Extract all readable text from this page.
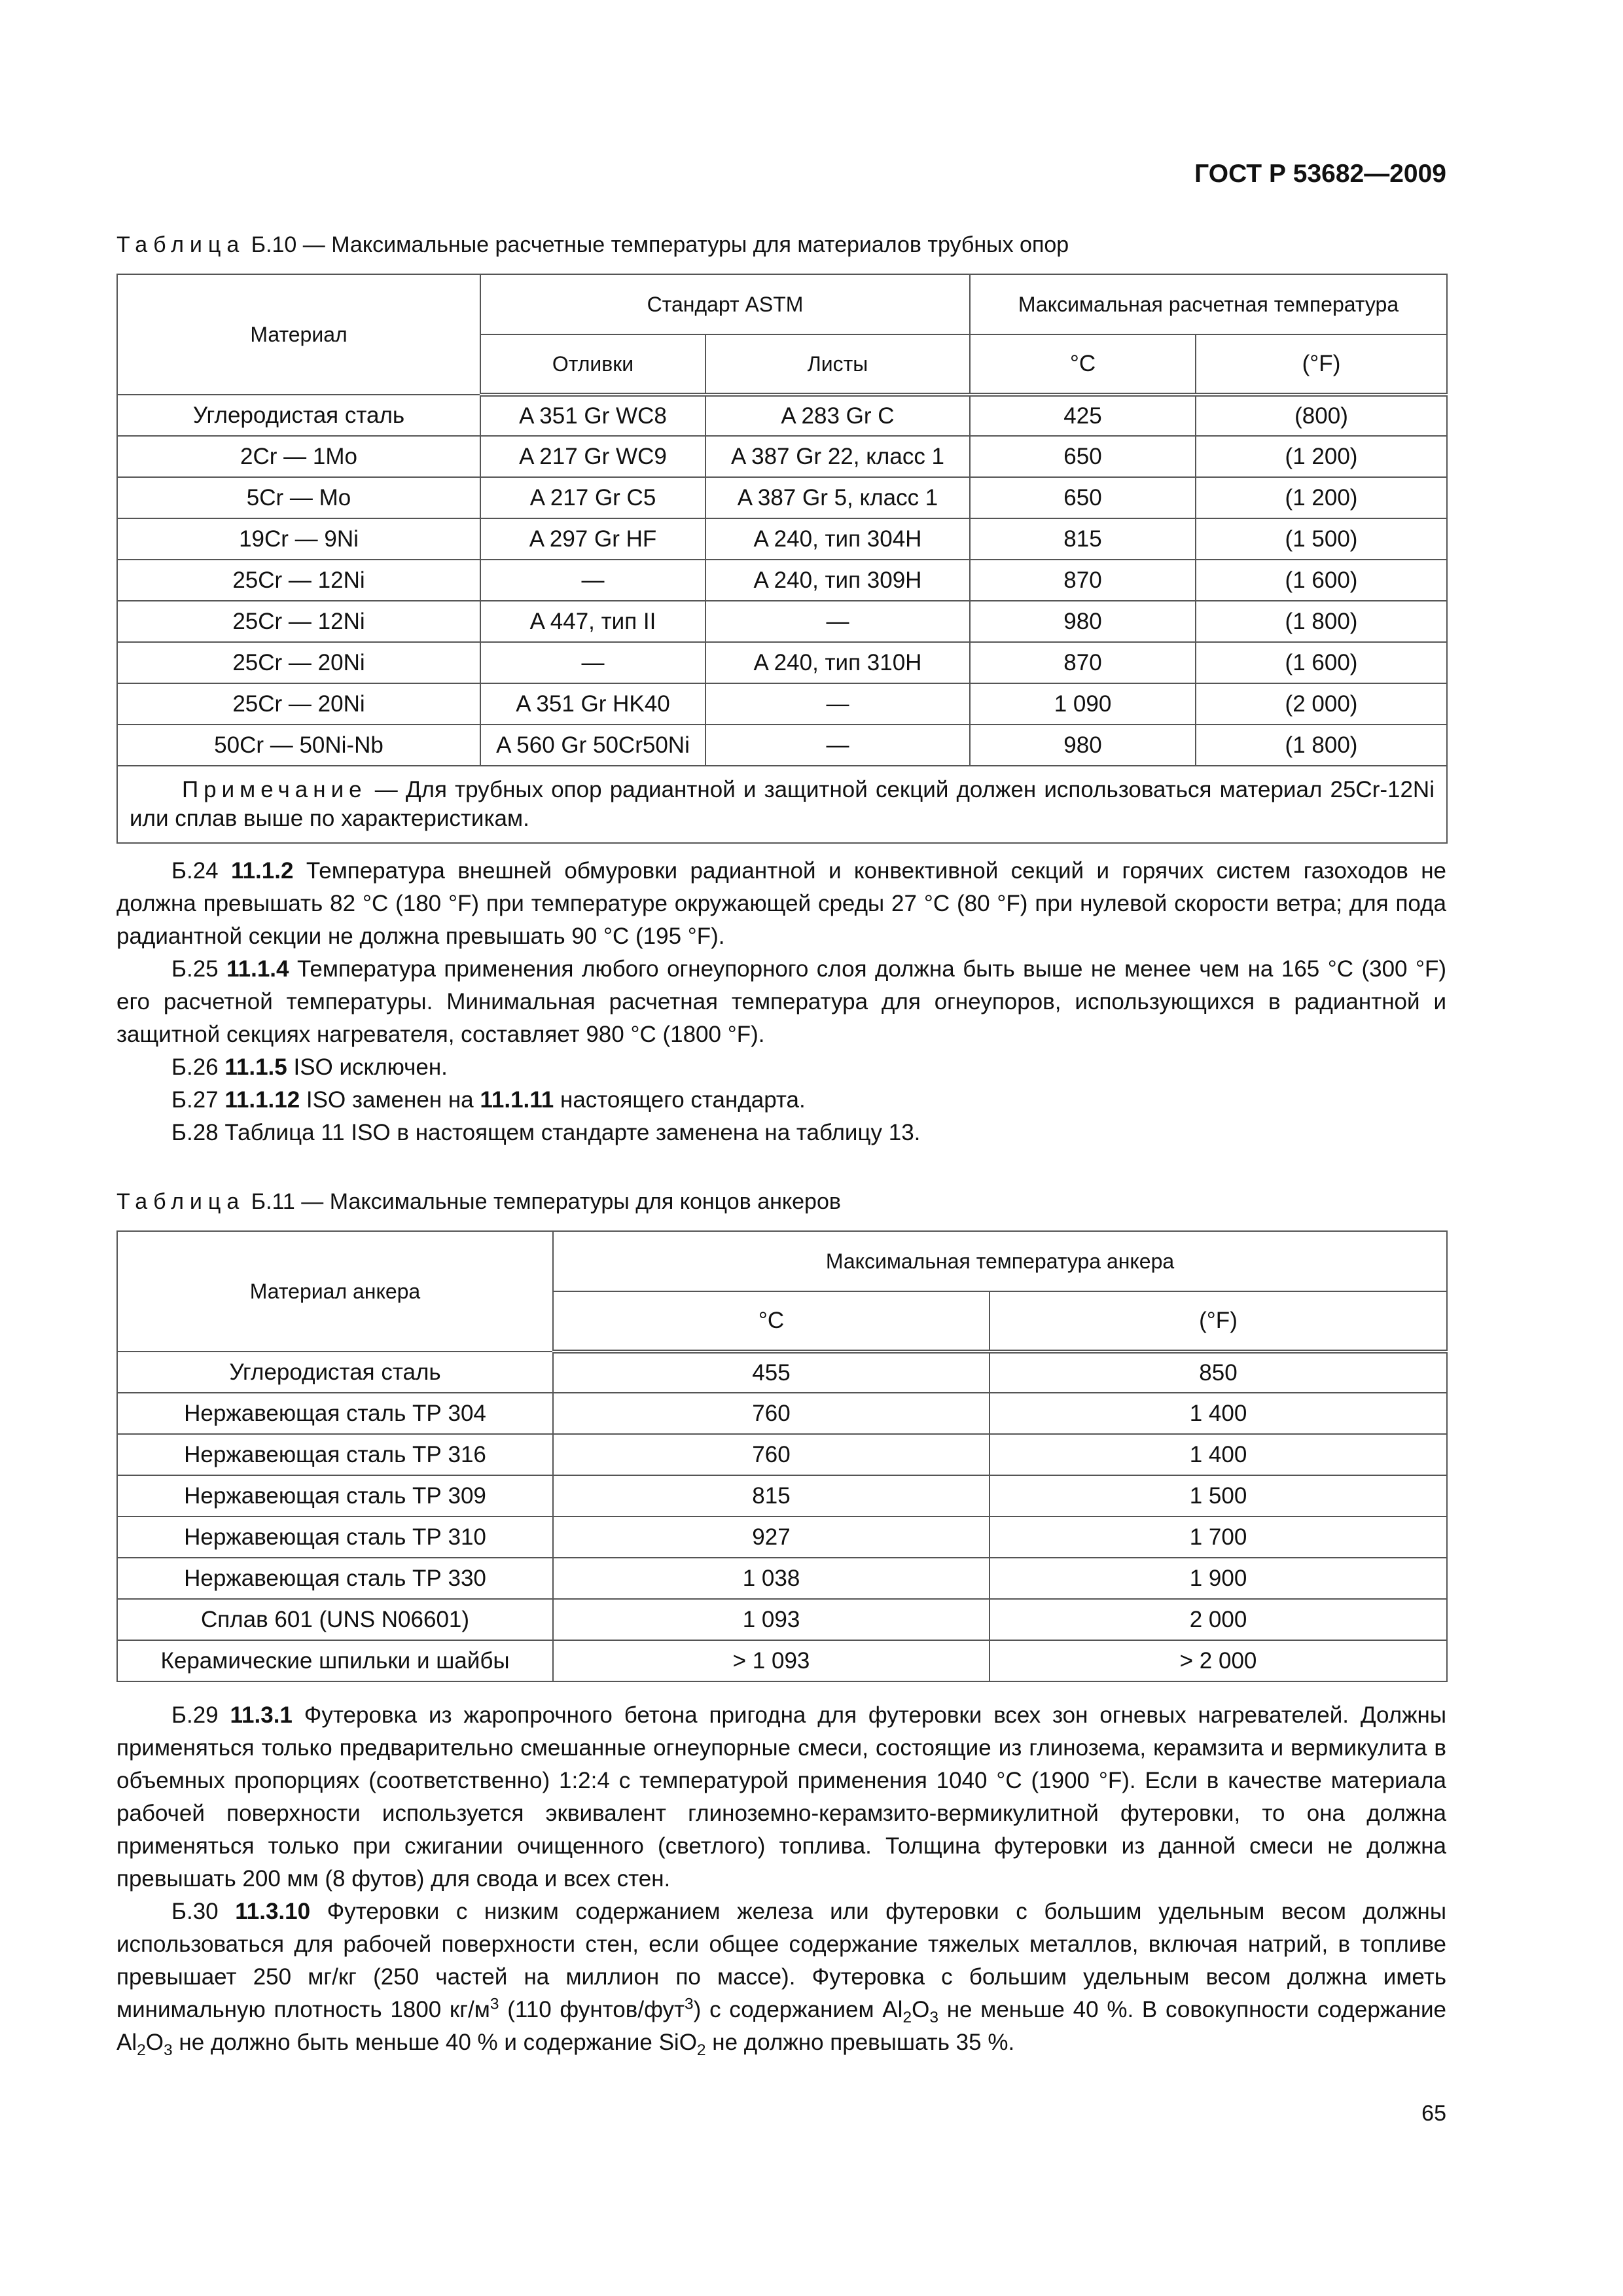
ГОСТ Р 53682—2009
Таблица Б.10 — Максимальные расчетные температуры для материалов трубных опор
Материал	Стандарт ASTM		Максимальная расчетная температура	
	Отливки	Листы	°C	(°F)
Углеродистая сталь	A 351 Gr WC8	A 283 Gr C	425	(800)
2Cr — 1Mo	A 217 Gr WC9	A 387 Gr 22, класс 1	650	(1 200)
5Cr — Mo	A 217 Gr C5	A 387 Gr 5, класс 1	650	(1 200)
19Cr — 9Ni	A 297 Gr HF	A 240, тип 304H	815	(1 500)
25Cr — 12Ni	—	A 240, тип 309H	870	(1 600)
25Cr — 12Ni	A 447, тип II	—	980	(1 800)
25Cr — 20Ni	—	A 240, тип 310H	870	(1 600)
25Cr — 20Ni	A 351 Gr HK40	—	1 090	(2 000)
50Cr — 50Ni-Nb	A 560 Gr 50Cr50Ni	—	980	(1 800)
Примечание — Для трубных опор радиантной и защитной секций должен использоваться материал 25Cr-12Ni или сплав выше по характеристикам.				

Б.24 11.1.2 Температура внешней обмуровки радиантной и конвективной секций и горячих систем газоходов не должна превышать 82 °C (180 °F) при температуре окружающей среды 27 °C (80 °F) при нулевой скорости ветра; для пода радиантной секции не должна превышать 90 °C (195 °F).

Б.25 11.1.4 Температура применения любого огнеупорного слоя должна быть выше не менее чем на 165 °C (300 °F) его расчетной температуры. Минимальная расчетная температура для огнеупоров, использующихся в радиантной и защитной секциях нагревателя, составляет 980 °C (1800 °F).

Б.26 11.1.5 ISO исключен.

Б.27 11.1.12 ISO заменен на 11.1.11 настоящего стандарта.

Б.28 Таблица 11 ISO в настоящем стандарте заменена на таблицу 13.

Таблица Б.11 — Максимальные температуры для концов анкеров
Материал анкера	Максимальная температура анкера	
	°C	(°F)
Углеродистая сталь	455	850
Нержавеющая сталь ТР 304	760	1 400
Нержавеющая сталь ТР 316	760	1 400
Нержавеющая сталь ТР 309	815	1 500
Нержавеющая сталь ТР 310	927	1 700
Нержавеющая сталь ТР 330	1 038	1 900
Сплав 601 (UNS N06601)	1 093	2 000
Керамические шпильки и шайбы	> 1 093	> 2 000

Б.29 11.3.1 Футеровка из жаропрочного бетона пригодна для футеровки всех зон огневых нагревателей. Должны применяться только предварительно смешанные огнеупорные смеси, состоящие из глинозема, керамзита и вермикулита в объемных пропорциях (соответственно) 1:2:4 с температурой применения 1040 °C (1900 °F). Если в качестве материала рабочей поверхности используется эквивалент глиноземно-керамзито-вермикулитной футеровки, то она должна применяться только при сжигании очищенного (светлого) топлива. Толщина футеровки из данной смеси не должна превышать 200 мм (8 футов) для свода и всех стен.

Б.30 11.3.10 Футеровки с низким содержанием железа или футеровки с большим удельным весом должны использоваться для рабочей поверхности стен, если общее содержание тяжелых металлов, включая натрий, в топливе превышает 250 мг/кг (250 частей на миллион по массе). Футеровка с большим удельным весом должна иметь минимальную плотность 1800 $кг/м^3$ (110 фунтов/фут$^3$) с содержанием $Al_2O_3$ не меньше 40 %. В совокупности содержание $Al_2O_3$ не должно быть меньше 40 % и содержание SiO$_2$ не должно превышать 35 %.

65
